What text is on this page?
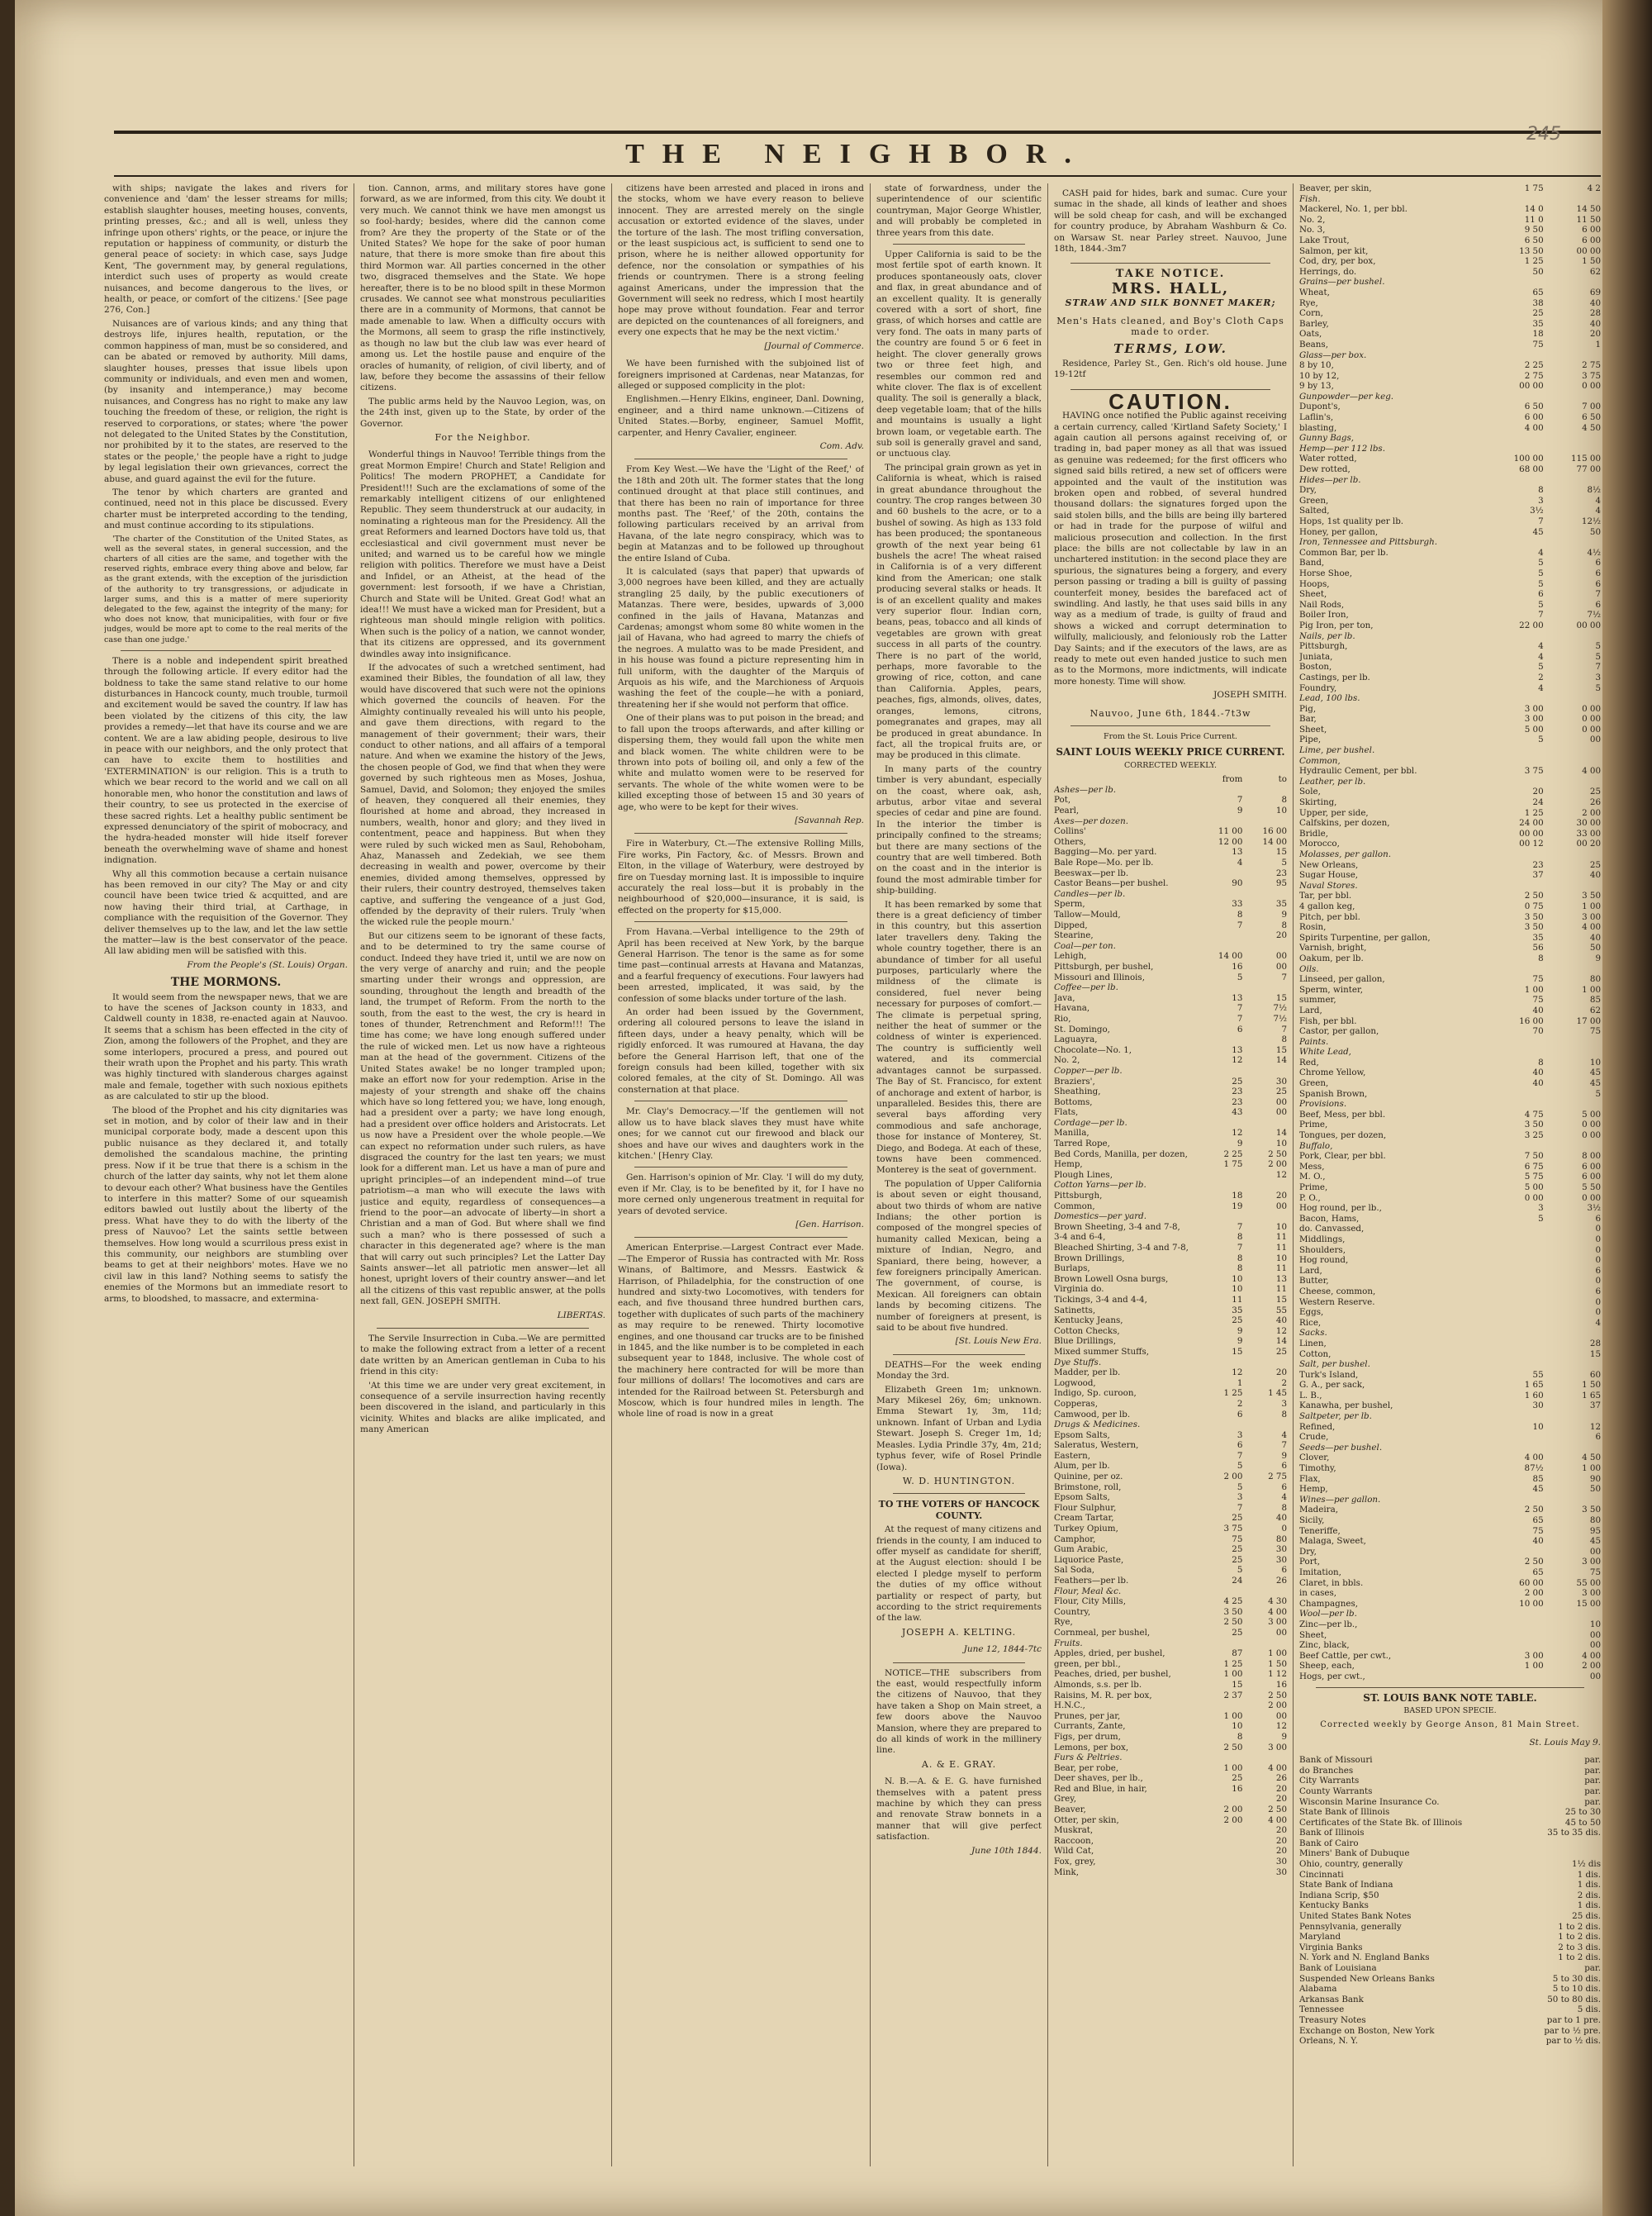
THE NEIGHBOR.
245

with ships; navigate the lakes and rivers for convenience and 'dam' the lesser streams for mills; establish slaughter houses, meeting houses, convents, printing presses, &c.; and all is well, unless they infringe upon others' rights, or the peace, or injure the reputation or happiness of community, or disturb the general peace of society: in which case, says Judge Kent, 'The government may, by general regulations, interdict such uses of property as would create nuisances, and become dangerous to the lives, or health, or peace, or comfort of the citizens.' [See page 276, Con.]

Nuisances are of various kinds; and any thing that destroys life, injures health, reputation, or the common happiness of man, must be so considered, and can be abated or removed by authority. Mill dams, slaughter houses, presses that issue libels upon community or individuals, and even men and women, (by insanity and intemperance,) may become nuisances, and Congress has no right to make any law touching the freedom of these, or religion, the right is reserved to corporations, or states; where 'the power not delegated to the United States by the Constitution, nor prohibited by it to the states, are reserved to the states or the people,' the people have a right to judge by legal legislation their own grievances, correct the abuse, and guard against the evil for the future.

The tenor by which charters are granted and continued, need not in this place be discussed. Every charter must be interpreted according to the tending, and must continue according to its stipulations.

'The charter of the Constitution of the United States, as well as the several states, in general succession, and the charters of all cities are the same, and together with the reserved rights, embrace every thing above and below, far as the grant extends, with the exception of the jurisdiction of the authority to try transgressions, or adjudicate in larger sums, and this is a matter of mere superiority delegated to the few, against the integrity of the many; for who does not know, that municipalities, with four or five judges, would be more apt to come to the real merits of the case than one judge.'

There is a noble and independent spirit breathed through the following article. If every editor had the boldness to take the same stand relative to our home disturbances in Hancock county, much trouble, turmoil and excitement would be saved the country. If law has been violated by the citizens of this city, the law provides a remedy—let that have its course and we are content. We are a law abiding people, desirous to live in peace with our neighbors, and the only protect that can have to excite them to hostilities and 'EXTERMINATION' is our religion. This is a truth to which we bear record to the world and we call on all honorable men, who honor the constitution and laws of their country, to see us protected in the exercise of these sacred rights. Let a healthy public sentiment be expressed denunciatory of the spirit of mobocracy, and the hydra-headed monster will hide itself forever beneath the overwhelming wave of shame and honest indignation.

Why all this commotion because a certain nuisance has been removed in our city? The May or and city council have been twice tried & acquitted, and are now having their third trial, at Carthage, in compliance with the requisition of the Governor. They deliver themselves up to the law, and let the law settle the matter—law is the best conservator of the peace. All law abiding men will be satisfied with this.

From the People's (St. Louis) Organ.
THE MORMONS.

It would seem from the newspaper news, that we are to have the scenes of Jackson county in 1833, and Caldwell county in 1838, re-enacted again at Nauvoo. It seems that a schism has been effected in the city of Zion, among the followers of the Prophet, and they are some interlopers, procured a press, and poured out their wrath upon the Prophet and his party. This wrath was highly tinctured with slanderous charges against male and female, together with such noxious epithets as are calculated to stir up the blood.

The blood of the Prophet and his city dignitaries was set in motion, and by color of their law and in their municipal corporate body, made a descent upon this public nuisance as they declared it, and totally demolished the scandalous machine, the printing press. Now if it be true that there is a schism in the church of the latter day saints, why not let them alone to devour each other? What business have the Gentiles to interfere in this matter? Some of our squeamish editors bawled out lustily about the liberty of the press. What have they to do with the liberty of the press of Nauvoo? Let the saints settle between themselves. How long would a scurrilous press exist in this community, our neighbors are stumbling over beams to get at their neighbors' motes. Have we no civil law in this land? Nothing seems to satisfy the enemies of the Mormons but an immediate resort to arms, to bloodshed, to massacre, and extermina-

tion. Cannon, arms, and military stores have gone forward, as we are informed, from this city. We doubt it very much. We cannot think we have men amongst us so fool-hardy; besides, where did the cannon come from? Are they the property of the State or of the United States? We hope for the sake of poor human nature, that there is more smoke than fire about this third Mormon war. All parties concerned in the other two, disgraced themselves and the State. We hope hereafter, there is to be no blood spilt in these Mormon crusades. We cannot see what monstrous peculiarities there are in a community of Mormons, that cannot be made amenable to law. When a difficulty occurs with the Mormons, all seem to grasp the rifle instinctively, as though no law but the club law was ever heard of among us. Let the hostile pause and enquire of the oracles of humanity, of religion, of civil liberty, and of law, before they become the assassins of their fellow citizens.

The public arms held by the Nauvoo Legion, was, on the 24th inst, given up to the State, by order of the Governor.

For the Neighbor.

Wonderful things in Nauvoo! Terrible things from the great Mormon Empire! Church and State! Religion and Politics! The modern PROPHET, a Candidate for President!!! Such are the exclamations of some of the remarkably intelligent citizens of our enlightened Republic. They seem thunderstruck at our audacity, in nominating a righteous man for the Presidency. All the great Reformers and learned Doctors have told us, that ecclesiastical and civil government must never be united; and warned us to be careful how we mingle religion with politics. Therefore we must have a Deist and Infidel, or an Atheist, at the head of the government: lest forsooth, if we have a Christian, Church and State will be United. Great God! what an idea!!! We must have a wicked man for President, but a righteous man should mingle religion with politics. When such is the policy of a nation, we cannot wonder, that its citizens are oppressed, and its government dwindles away into insignificance.

If the advocates of such a wretched sentiment, had examined their Bibles, the foundation of all law, they would have discovered that such were not the opinions which governed the councils of heaven. For the Almighty continually revealed his will unto his people, and gave them directions, with regard to the management of their government; their wars, their conduct to other nations, and all affairs of a temporal nature. And when we examine the history of the Jews, the chosen people of God, we find that when they were governed by such righteous men as Moses, Joshua, Samuel, David, and Solomon; they enjoyed the smiles of heaven, they conquered all their enemies, they flourished at home and abroad, they increased in numbers, wealth, honor and glory; and they lived in contentment, peace and happiness. But when they were ruled by such wicked men as Saul, Rehoboham, Ahaz, Manasseh and Zedekiah, we see them decreasing in wealth and power, overcome by their enemies, divided among themselves, oppressed by their rulers, their country destroyed, themselves taken captive, and suffering the vengeance of a just God, offended by the depravity of their rulers. Truly 'when the wicked rule the people mourn.'

But our citizens seem to be ignorant of these facts, and to be determined to try the same course of conduct. Indeed they have tried it, until we are now on the very verge of anarchy and ruin; and the people smarting under their wrongs and oppression, are sounding, throughout the length and breadth of the land, the trumpet of Reform. From the north to the south, from the east to the west, the cry is heard in tones of thunder, Retrenchment and Reform!!! The time has come; we have long enough suffered under the rule of wicked men. Let us now have a righteous man at the head of the government. Citizens of the United States awake! be no longer trampled upon; make an effort now for your redemption. Arise in the majesty of your strength and shake off the chains which have so long fettered you; we have, long enough, had a president over a party; we have long enough, had a president over office holders and Aristocrats. Let us now have a President over the whole people.—We can expect no reformation under such rulers, as have disgraced the country for the last ten years; we must look for a different man. Let us have a man of pure and upright principles—of an independent mind—of true patriotism—a man who will execute the laws with justice and equity, regardless of consequences—a friend to the poor—an advocate of liberty—in short a Christian and a man of God. But where shall we find such a man? who is there possessed of such a character in this degenerated age? where is the man that will carry out such principles? Let the Latter Day Saints answer—let all patriotic men answer—let all honest, upright lovers of their country answer—and let all the citizens of this vast republic answer, at the polls next fall, GEN. JOSEPH SMITH.

LIBERTAS.

The Servile Insurrection in Cuba.—We are permitted to make the following extract from a letter of a recent date written by an American gentleman in Cuba to his friend in this city:

'At this time we are under very great excitement, in consequence of a servile insurrection having recently been discovered in the island, and particularly in this vicinity. Whites and blacks are alike implicated, and many American

citizens have been arrested and placed in irons and the stocks, whom we have every reason to believe innocent. They are arrested merely on the single accusation or extorted evidence of the slaves, under the torture of the lash. The most trifling conversation, or the least suspicious act, is sufficient to send one to prison, where he is neither allowed opportunity for defence, nor the consolation or sympathies of his friends or countrymen. There is a strong feeling against Americans, under the impression that the Government will seek no redress, which I most heartily hope may prove without foundation. Fear and terror are depicted on the countenances of all foreigners, and every one expects that he may be the next victim.'

[Journal of Commerce.

We have been furnished with the subjoined list of foreigners imprisoned at Cardenas, near Matanzas, for alleged or supposed complicity in the plot:

Englishmen.—Henry Elkins, engineer, Danl. Downing, engineer, and a third name unknown.—Citizens of United States.—Borby, engineer, Samuel Moffit, carpenter, and Henry Cavalier, engineer.

Com. Adv.

From Key West.—We have the 'Light of the Reef,' of the 18th and 20th ult. The former states that the long continued drought at that place still continues, and that there has been no rain of importance for three months past. The 'Reef,' of the 20th, contains the following particulars received by an arrival from Havana, of the late negro conspiracy, which was to begin at Matanzas and to be followed up throughout the entire Island of Cuba.

It is calculated (says that paper) that upwards of 3,000 negroes have been killed, and they are actually strangling 25 daily, by the public executioners of Matanzas. There were, besides, upwards of 3,000 confined in the jails of Havana, Matanzas and Cardenas; amongst whom some 80 white women in the jail of Havana, who had agreed to marry the chiefs of the negroes. A mulatto was to be made President, and in his house was found a picture representing him in full uniform, with the daughter of the Marquis of Arquois as his wife, and the Marchioness of Arquois washing the feet of the couple—he with a poniard, threatening her if she would not perform that office.

One of their plans was to put poison in the bread; and to fall upon the troops afterwards, and after killing or dispersing them, they would fall upon the white men and black women. The white children were to be thrown into pots of boiling oil, and only a few of the white and mulatto women were to be reserved for servants. The whole of the white women were to be killed excepting those of between 15 and 30 years of age, who were to be kept for their wives.

[Savannah Rep.

Fire in Waterbury, Ct.—The extensive Rolling Mills, Fire works, Pin Factory, &c. of Messrs. Brown and Elton, in the village of Waterbury, were destroyed by fire on Tuesday morning last. It is impossible to inquire accurately the real loss—but it is probably in the neighbourhood of $20,000—insurance, it is said, is effected on the property for $15,000.

From Havana.—Verbal intelligence to the 29th of April has been received at New York, by the barque General Harrison. The tenor is the same as for some time past—continual arrests at Havana and Matanzas, and a fearful frequency of executions. Four lawyers had been arrested, implicated, it was said, by the confession of some blacks under torture of the lash.

An order had been issued by the Government, ordering all coloured persons to leave the island in fifteen days, under a heavy penalty, which will be rigidly enforced. It was rumoured at Havana, the day before the General Harrison left, that one of the foreign consuls had been killed, together with six colored females, at the city of St. Domingo. All was consternation at that place.

Mr. Clay's Democracy.—'If the gentlemen will not allow us to have black slaves they must have white ones; for we cannot cut our firewood and black our shoes and have our wives and daughters work in the kitchen.' [Henry Clay.

Gen. Harrison's opinion of Mr. Clay. 'I will do my duty, even if Mr. Clay, is to be benefited by it, for I have no more cerned only ungenerous treatment in requital for years of devoted service.

[Gen. Harrison.

American Enterprise.—Largest Contract ever Made.—The Emperor of Russia has contracted with Mr. Ross Winans, of Baltimore, and Messrs. Eastwick & Harrison, of Philadelphia, for the construction of one hundred and sixty-two Locomotives, with tenders for each, and five thousand three hundred burthen cars, together with duplicates of such parts of the machinery as may require to be renewed. Thirty locomotive engines, and one thousand car trucks are to be finished in 1845, and the like number is to be completed in each subsequent year to 1848, inclusive. The whole cost of the machinery here contracted for will be more than four millions of dollars! The locomotives and cars are intended for the Railroad between St. Petersburgh and Moscow, which is four hundred miles in length. The whole line of road is now in a great

state of forwardness, under the superintendence of our scientific countryman, Major George Whistler, and will probably be completed in three years from this date.

Upper California is said to be the most fertile spot of earth known. It produces spontaneously oats, clover and flax, in great abundance and of an excellent quality. It is generally covered with a sort of short, fine grass, of which horses and cattle are very fond. The oats in many parts of the country are found 5 or 6 feet in height. The clover generally grows two or three feet high, and resembles our common red and white clover. The flax is of excellent quality. The soil is generally a black, deep vegetable loam; that of the hills and mountains is usually a light brown loam, or vegetable earth. The sub soil is generally gravel and sand, or unctuous clay.

The principal grain grown as yet in California is wheat, which is raised in great abundance throughout the country. The crop ranges between 30 and 60 bushels to the acre, or to a bushel of sowing. As high as 133 fold has been produced; the spontaneous growth of the next year being 61 bushels the acre! The wheat raised in California is of a very different kind from the American; one stalk producing several stalks or heads. It is of an excellent quality and makes very superior flour. Indian corn, beans, peas, tobacco and all kinds of vegetables are grown with great success in all parts of the country. There is no part of the world, perhaps, more favorable to the growing of rice, cotton, and cane than California. Apples, pears, peaches, figs, almonds, olives, dates, oranges, lemons, citrons, pomegranates and grapes, may all be produced in great abundance. In fact, all the tropical fruits are, or may be produced in this climate.

In many parts of the country timber is very abundant, especially on the coast, where oak, ash, arbutus, arbor vitae and several species of cedar and pine are found. In the interior the timber is principally confined to the streams; but there are many sections of the country that are well timbered. Both on the coast and in the interior is found the most admirable timber for ship-building.

It has been remarked by some that there is a great deficiency of timber in this country, but this assertion later travellers deny. Taking the whole country together, there is an abundance of timber for all useful purposes, particularly where the mildness of the climate is considered, fuel never being necessary for purposes of comfort.—The climate is perpetual spring, neither the heat of summer or the coldness of winter is experienced. The country is sufficiently well watered, and its commercial advantages cannot be surpassed. The Bay of St. Francisco, for extent of anchorage and extent of harbor, is unparalleled. Besides this, there are several bays affording very commodious and safe anchorage, those for instance of Monterey, St. Diego, and Bodega. At each of these, towns have been commenced. Monterey is the seat of government.

The population of Upper California is about seven or eight thousand, about two thirds of whom are native Indians; the other portion is composed of the mongrel species of humanity called Mexican, being a mixture of Indian, Negro, and Spaniard, there being, however, a few foreigners principally American. The government, of course, is Mexican. All foreigners can obtain lands by becoming citizens. The number of foreigners at present, is said to be about five hundred.

[St. Louis New Era.

DEATHS—For the week ending Monday the 3rd.

Elizabeth Green 1m; unknown. Mary Mikesel 26y, 6m; unknown. Emma Stewart 1y, 3m, 11d; unknown. Infant of Urban and Lydia Stewart. Joseph S. Creger 1m, 1d; Measles. Lydia Prindle 37y, 4m, 21d; typhus fever, wife of Rosel Prindle (Iowa).

W. D. HUNTINGTON.
TO THE VOTERS OF HANCOCK COUNTY.

At the request of many citizens and friends in the county, I am induced to offer myself as candidate for sheriff, at the August election: should I be elected I pledge myself to perform the duties of my office without partiality or respect of party, but according to the strict requirements of the law.

JOSEPH A. KELTING.
June 12, 1844-7tc

NOTICE—THE subscribers from the east, would respectfully inform the citizens of Nauvoo, that they have taken a Shop on Main street, a few doors above the Nauvoo Mansion, where they are prepared to do all kinds of work in the millinery line.

A. & E. GRAY.

N. B.—A. & E. G. have furnished themselves with a patent press machine by which they can press and renovate Straw bonnets in a manner that will give perfect satisfaction.

June 10th 1844.

CASH paid for hides, bark and sumac. Cure your sumac in the shade, all kinds of leather and shoes will be sold cheap for cash, and will be exchanged for country produce, by Abraham Washburn & Co. on Warsaw St. near Parley street. Nauvoo, June 18th, 1844.-3m7

TAKE NOTICE.
MRS. HALL,
STRAW AND SILK BONNET MAKER;
Men's Hats cleaned, and Boy's Cloth Caps made to order.
TERMS, LOW.

Residence, Parley St., Gen. Rich's old house. June 19-12tf

CAUTION.

HAVING once notified the Public against receiving a certain currency, called 'Kirtland Safety Society,' I again caution all persons against receiving of, or trading in, bad paper money as all that was issued as genuine was redeemed; for the first officers who signed said bills retired, a new set of officers were appointed and the vault of the institution was broken open and robbed, of several hundred thousand dollars: the signatures forged upon the said stolen bills, and the bills are being illy bartered or had in trade for the purpose of wilful and malicious prosecution and collection. In the first place: the bills are not collectable by law in an unchartered institution: in the second place they are spurious, the signatures being a forgery, and every person passing or trading a bill is guilty of passing counterfeit money, besides the barefaced act of swindling. And lastly, he that uses said bills in any way as a medium of trade, is guilty of fraud and shows a wicked and corrupt determination to wilfully, maliciously, and feloniously rob the Latter Day Saints; and if the executors of the laws, are as ready to mete out even handed justice to such men as to the Mormons, more indictments, will indicate more honesty. Time will show.

JOSEPH SMITH.
Nauvoo, June 6th, 1844.-7t3w
From the St. Louis Price Current.
SAINT LOUIS WEEKLY PRICE CURRENT.
CORRECTED WEEKLY.
	from	to
Ashes—per lb.		
Pot,	7	8
Pearl,	9	10
Axes—per dozen.		
Collins'	11 00	16 00
Others,	12 00	14 00
Bagging—Mo. per yard.	13	15
Bale Rope—Mo. per lb.	4	5
Beeswax—per lb.		23
Castor Beans—per bushel.	90	95
Candles—per lb.		
Sperm,	33	35
Tallow—Mould,	8	9
Dipped,	7	8
Stearine,		20
Coal—per ton.		
Lehigh,	14 00	00
Pittsburgh, per bushel,	16	00
Missouri and Illinois,	5	7
Coffee—per lb.		
Java,	13	15
Havana,	7	7½
Rio,	7	7½
St. Domingo,	6	7
Laguayra,		8
Chocolate—No. 1,	13	15
No. 2,	12	14
Copper—per lb.		
Braziers',	25	30
Sheathing,	23	25
Bottoms,	23	00
Flats,	43	00
Cordage—per lb.		
Manilla,	12	14
Tarred Rope,	9	10
Bed Cords, Manilla, per dozen,	2 25	2 50
Hemp,	1 75	2 00
Plough Lines,		12
Cotton Yarns—per lb.		
Pittsburgh,	18	20
Common,	19	00
Domestics—per yard.		
Brown Sheeting, 3-4 and 7-8,	7	10
3-4 and 6-4,	8	11
Bleached Shirting, 3-4 and 7-8,	7	11
Brown Drillings,	8	10
Burlaps,	8	11
Brown Lowell Osna burgs,	10	13
Virginia do.	10	11
Tickings, 3-4 and 4-4,	11	15
Satinetts,	35	55
Kentucky Jeans,	25	40
Cotton Checks,	9	12
Blue Drillings,	9	14
Mixed summer Stuffs,	15	25
Dye Stuffs.		
Madder, per lb.	12	20
Logwood,	1	2
Indigo, Sp. curoon,	1 25	1 45
Copperas,	2	3
Camwood, per lb.	6	8
Drugs & Medicines.		
Epsom Salts,	3	4
Saleratus, Western,	6	7
Eastern,	7	9
Alum, per lb.	5	6
Quinine, per oz.	2 00	2 75
Brimstone, roll,	5	6
Epsom Salts,	3	4
Flour Sulphur,	7	8
Cream Tartar,	25	40
Turkey Opium,	3 75	0
Camphor,	75	80
Gum Arabic,	25	30
Liquorice Paste,	25	30
Sal Soda,	5	6
Feathers—per lb.	24	26
Flour, Meal &c.		
Flour, City Mills,	4 25	4 30
Country,	3 50	4 00
Rye,	2 50	3 00
Cornmeal, per bushel,	25	00
Fruits.		
Apples, dried, per bushel,	87	1 00
green, per bbl.,	1 25	1 50
Peaches, dried, per bushel,	1 00	1 12
Almonds, s.s. per lb.	15	16
Raisins, M. R. per box,	2 37	2 50
H.N.C.,		2 00
Prunes, per jar,	1 00	00
Currants, Zante,	10	12
Figs, per drum,	8	9
Lemons, per box,	2 50	3 00
Furs & Peltries.		
Bear, per robe,	1 00	4 00
Deer shaves, per lb.,	25	26
Red and Blue, in hair,	16	20
Grey,		20
Beaver,	2 00	2 50
Otter, per skin,	2 00	4 00
Muskrat,		20
Raccoon,		20
Wild Cat,		20
Fox, grey,		30
Mink,		30
Beaver, per skin,	1 75	4 2
Fish.		
Mackerel, No. 1, per bbl.	14 0	14 50
No. 2,	11 0	11 50
No. 3,	9 50	6 00
Lake Trout,	6 50	6 00
Salmon, per kit,	13 50	00 00
Cod, dry, per box,	1 25	1 50
Herrings, do.	50	62
Grains—per bushel.		
Wheat,	65	69
Rye,	38	40
Corn,	25	28
Barley,	35	40
Oats,	18	20
Beans,	75	1
Glass—per box.		
8 by 10,	2 25	2 75
10 by 12,	2 75	3 75
9 by 13,	00 00	0 00
Gunpowder—per keg.		
Dupont's,	6 50	7 00
Laflin's,	6 00	6 50
blasting,	4 00	4 50
Gunny Bags,		
Hemp—per 112 lbs.		
Water rotted,	100 00	115 00
Dew rotted,	68 00	77 00
Hides—per lb.		
Dry,	8	8½
Green,	3	4
Salted,	3½	4
Hops, 1st quality per lb.	7	12½
Honey, per gallon,	45	50
Iron, Tennessee and Pittsburgh.		
Common Bar, per lb.	4	4½
Band,	5	6
Horse Shoe,	5	6
Hoops,	5	6
Sheet,	6	7
Nail Rods,	5	6
Boiler Iron,	7	7½
Pig Iron, per ton,	22 00	00 00
Nails, per lb.		
Pittsburgh,	4	5
Juniata,	4	5
Boston,	5	7
Castings, per lb.	2	3
Foundry,	4	5
Lead, 100 lbs.		
Pig,	3 00	0 00
Bar,	3 00	0 00
Sheet,	5 00	0 00
Pipe,	5	00
Lime, per bushel.		
Common,		
Hydraulic Cement, per bbl.	3 75	4 00
Leather, per lb.		
Sole,	20	25
Skirting,	24	26
Upper, per side,	1 25	2 00
Calfskins, per dozen,	24 00	30 00
Bridle,	00 00	33 00
Morocco,	00 12	00 20
Molasses, per gallon.		
New Orleans,	23	25
Sugar House,	37	40
Naval Stores.		
Tar, per bbl.	2 50	3 50
4 gallon keg,	0 75	1 00
Pitch, per bbl.	3 50	3 00
Rosin,	3 50	4 00
Spirits Turpentine, per gallon,	35	40
Varnish, bright,	56	50
Oakum, per lb.	8	9
Oils.		
Linseed, per gallon,	75	80
Sperm, winter,	1 00	1 00
summer,	75	85
Lard,	40	62
Fish, per bbl.	16 00	17 00
Castor, per gallon,	70	75
Paints.		
White Lead,		
Red,	8	10
Chrome Yellow,	40	45
Green,	40	45
Spanish Brown,		5
Provisions.		
Beef, Mess, per bbl.	4 75	5 00
Prime,	3 50	0 00
Tongues, per dozen,	3 25	0 00
Buffalo,		
Pork, Clear, per bbl.	7 50	8 00
Mess,	6 75	6 00
M. O.,	5 75	6 00
Prime,	5 00	5 50
P. O.,	0 00	0 00
Hog round, per lb.,	3	3½
Bacon, Hams,	5	6
do. Canvassed,		0
Middlings,		0
Shoulders,		0
Hog round,		0
Lard,		6
Butter,		0
Cheese, common,		6
Western Reserve.		0
Eggs,		0
Rice,		4
Sacks.		
Linen,		28
Cotton,		15
Salt, per bushel.		
Turk's Island,	55	60
G. A., per sack,	1 65	1 50
L. B.,	1 60	1 65
Kanawha, per bushel,	30	37
Saltpeter, per lb.		
Refined,	10	12
Crude,		6
Seeds—per bushel.		
Clover,	4 00	4 50
Timothy,	87½	1 00
Flax,	85	90
Hemp,	45	50
Wines—per gallon.		
Madeira,	2 50	3 50
Sicily,	65	80
Teneriffe,	75	95
Malaga, Sweet,	40	45
Dry,		00
Port,	2 50	3 00
Imitation,	65	75
Claret, in bbls.	60 00	55 00
in cases,	2 00	3 00
Champagnes,	10 00	15 00
Wool—per lb.		
Zinc—per lb.,		10
Sheet,		00
Zinc, black,		00
Beef Cattle, per cwt.,	3 00	4 00
Sheep, each,	1 00	2 00
Hogs, per cwt.,		00
ST. LOUIS BANK NOTE TABLE.
BASED UPON SPECIE.
Corrected weekly by George Anson, 81 Main Street.
St. Louis May 9.
Bank of Missouri	par.
do Branches	par.
City Warrants	par.
County Warrants	par.
Wisconsin Marine Insurance Co.	par.
State Bank of Illinois	25 to 30
Certificates of the State Bk. of Illinois	45 to 50
Bank of Illinois	35 to 35 dis.
Bank of Cairo	
Miners' Bank of Dubuque	
Ohio, country, generally	1½ dis
Cincinnati	1 dis.
State Bank of Indiana	1 dis.
Indiana Scrip, $50	2 dis.
Kentucky Banks	1 dis.
United States Bank Notes	25 dis.
Pennsylvania, generally	1 to 2 dis.
Maryland	1 to 2 dis.
Virginia Banks	2 to 3 dis.
N. York and N. England Banks	1 to 2 dis.
Bank of Louisiana	par.
Suspended New Orleans Banks	5 to 30 dis.
Alabama	5 to 10 dis.
Arkansas Bank	50 to 80 dis.
Tennessee	5 dis.
Treasury Notes	par to 1 pre.
Exchange on Boston, New York	par to ½ pre.
Orleans, N. Y.	par to ½ dis.
